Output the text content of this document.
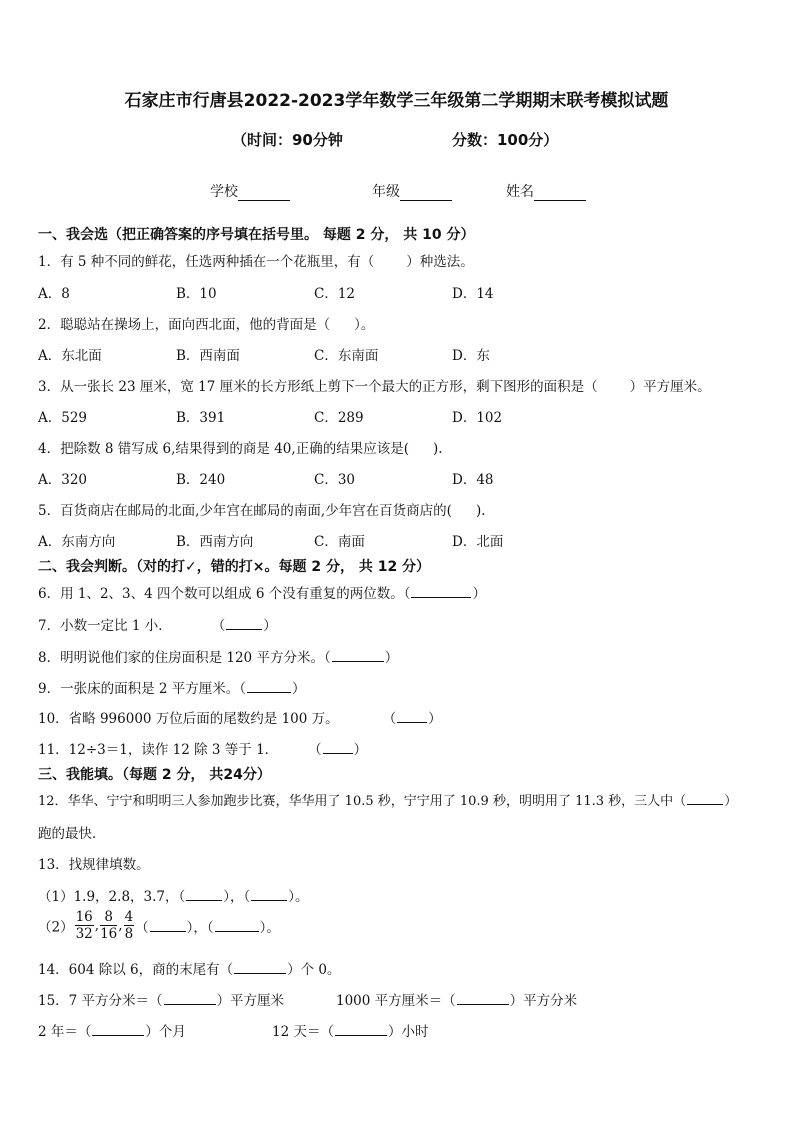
石家庄市行唐县2022-2023学年数学三年级第二学期期末联考模拟试题
（时间：90分钟	分数：100分）
学校	年级	姓名
一、我会选（把正确答案的序号填在括号里。 每题 2 分， 共 10 分）
1．有 5 种不同的鲜花，任选两种插在一个花瓶里，有（ ）种选法。
A．8	B．10	C．12	D．14
2．聪聪站在操场上，面向西北面，他的背面是（ ）。
A．东北面	B．西南面	C．东南面	D．东
3．从一张长 23 厘米，宽 17 厘米的长方形纸上剪下一个最大的正方形，剩下图形的面积是（ ）平方厘米。
A．529	B．391	C．289	D．102
4．把除数 8 错写成 6,结果得到的商是 40,正确的结果应该是( ).
A．320	B．240	C．30	D．48
5．百货商店在邮局的北面,少年宫在邮局的南面,少年宫在百货商店的( ).
A．东南方向	B．西南方向	C．南面	D．北面
二、我会判断。（对的打✓，错的打×。每题 2 分， 共 12 分）
6．用 1、2、3、4 四个数可以组成 6 个没有重复的两位数。（	）
7．小数一定比 1 小．	（	）
8．明明说他们家的住房面积是 120 平方分米。（	）
9．一张床的面积是 2 平方厘米。（	）
10．省略 996000 万位后面的尾数约是 100 万。	（ ）
11．12÷3＝1，读作 12 除 3 等于 1． （ ）
三、我能填。（每题 2 分， 共24分）
12．华华、宁宁和明明三人参加跑步比赛，华华用了 10.5 秒，宁宁用了 10.9 秒，明明用了 11.3 秒，三人中（	）
跑的最快．
13．找规律填数。
（1）1.9，2.8，3.7，（	），（	）。
$(2) \frac{16}{32}$ , $\frac{8}{16}$ , $\frac{4}{8}$ （	），（	）。
14．604 除以 6，商的末尾有（	）个 0。
15．7 平方分米＝（	）平方厘米	1000 平方厘米＝（	）平方分米
2 年＝（	）个月	12 天＝（	）小时
